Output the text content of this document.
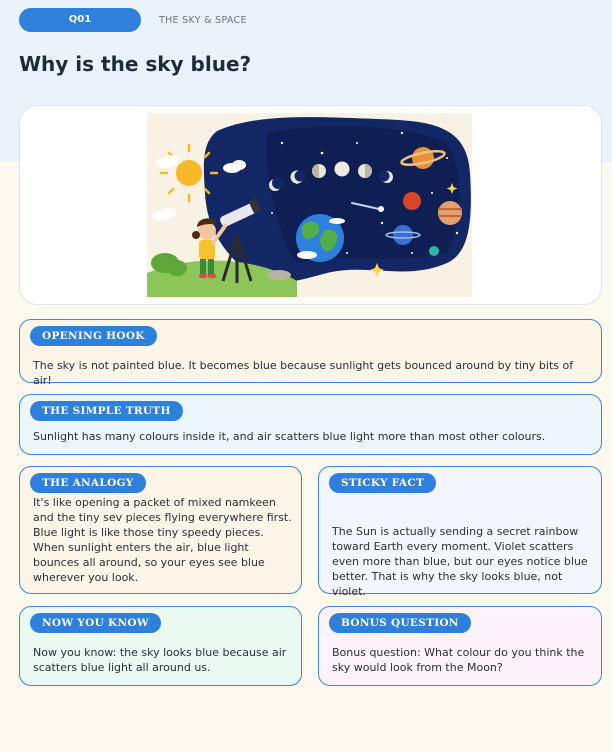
Q01	THE SKY & SPACE
Why is the sky blue?
OPENING HOOK
The sky is not painted blue. It becomes blue because sunlight gets bounced around by tiny bits of air!
THE SIMPLE TRUTH
Sunlight has many colours inside it, and air scatters blue light more than most other colours.
THE ANALOGY
It's like opening a packet of mixed namkeen and the tiny sev pieces flying everywhere first. Blue light is like those tiny speedy pieces. When sunlight enters the air, blue light bounces all around, so your eyes see blue wherever you look.
STICKY FACT
The Sun is actually sending a secret rainbow toward Earth every moment. Violet scatters even more than blue, but our eyes notice blue better. That is why the sky looks blue, not violet.
NOW YOU KNOW
Now you know: the sky looks blue because air scatters blue light all around us.
BONUS QUESTION
Bonus question: What colour do you think the sky would look from the Moon?
